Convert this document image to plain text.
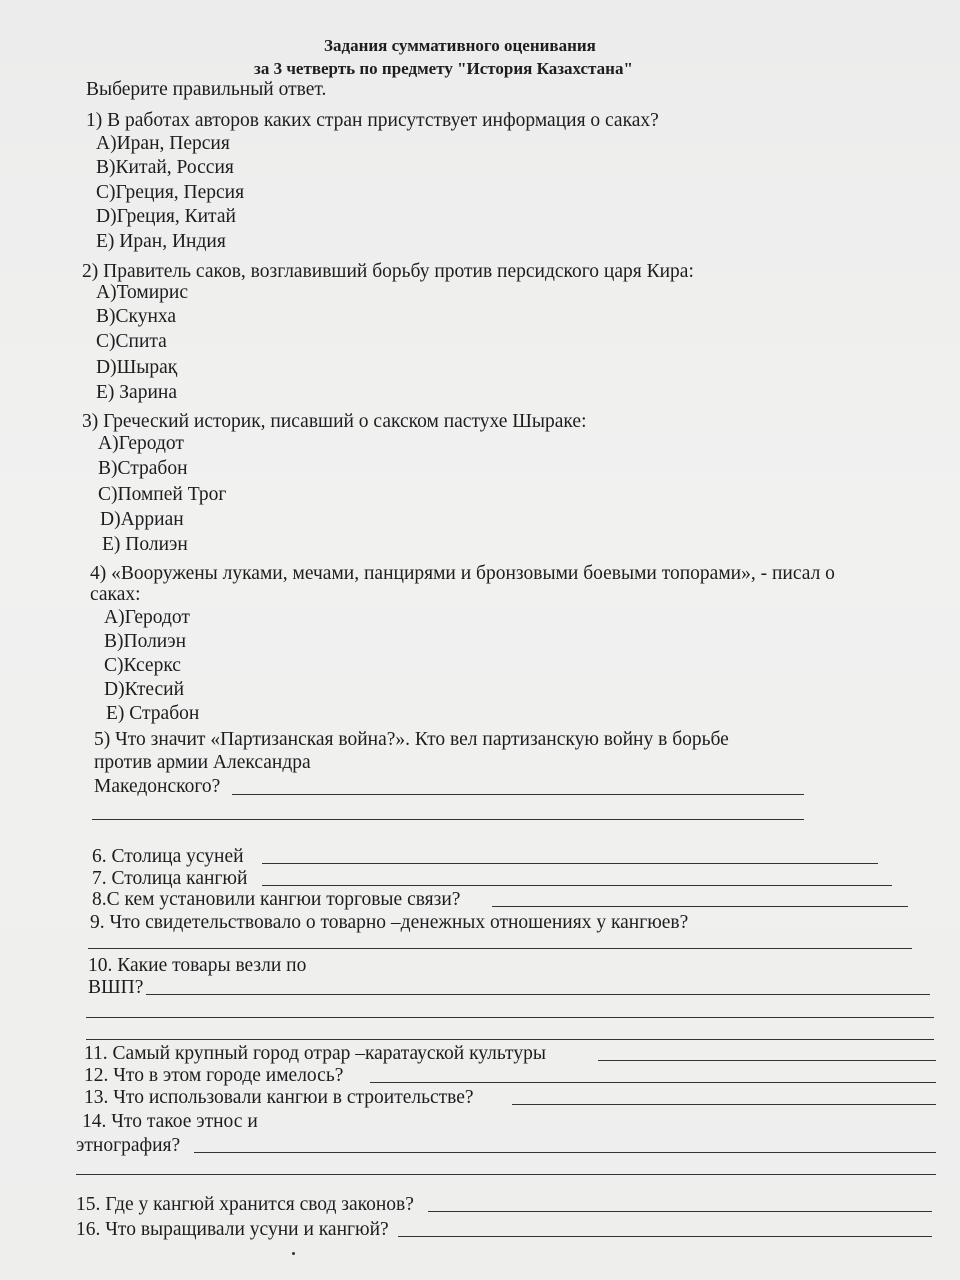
Задания суммативного оценивания
за 3 четверть по предмету "История Казахстана"
Выберите правильный ответ.
1) В работах авторов каких стран присутствует информация о саках?
A)Иран, Персия
B)Китай, Россия
C)Греция, Персия
D)Греция, Китай
E) Иран, Индия
2) Правитель саков, возглавивший борьбу против персидского царя Кира:
A)Томирис
B)Скунха
C)Спита
D)Шырақ
E) Зарина
3) Греческий историк, писавший о сакском пастухе Шыраке:
A)Геродот
B)Страбон
C)Помпей Трог
D)Арриан
E) Полиэн
4) «Вооружены луками, мечами, панцирями и бронзовыми боевыми топорами», - писал о
саках:
A)Геродот
B)Полиэн
C)Ксеркс
D)Ктесий
E) Страбон
5) Что значит «Партизанская война?». Кто вел партизанскую войну в борьбе
против армии Александра
Македонского?
6. Столица усуней
7. Столица кангюй
8.С кем установили кангюи торговые связи?
9. Что свидетельствовало о товарно –денежных отношениях у кангюев?
10. Какие товары везли по
ВШП?
11. Самый крупный город отрар –каратауской культуры
12. Что в этом городе имелось?
13. Что использовали кангюи в строительстве?
14. Что такое этнос и
этнография?
15. Где у кангюй хранится свод законов?
16. Что выращивали усуни и кангюй?
